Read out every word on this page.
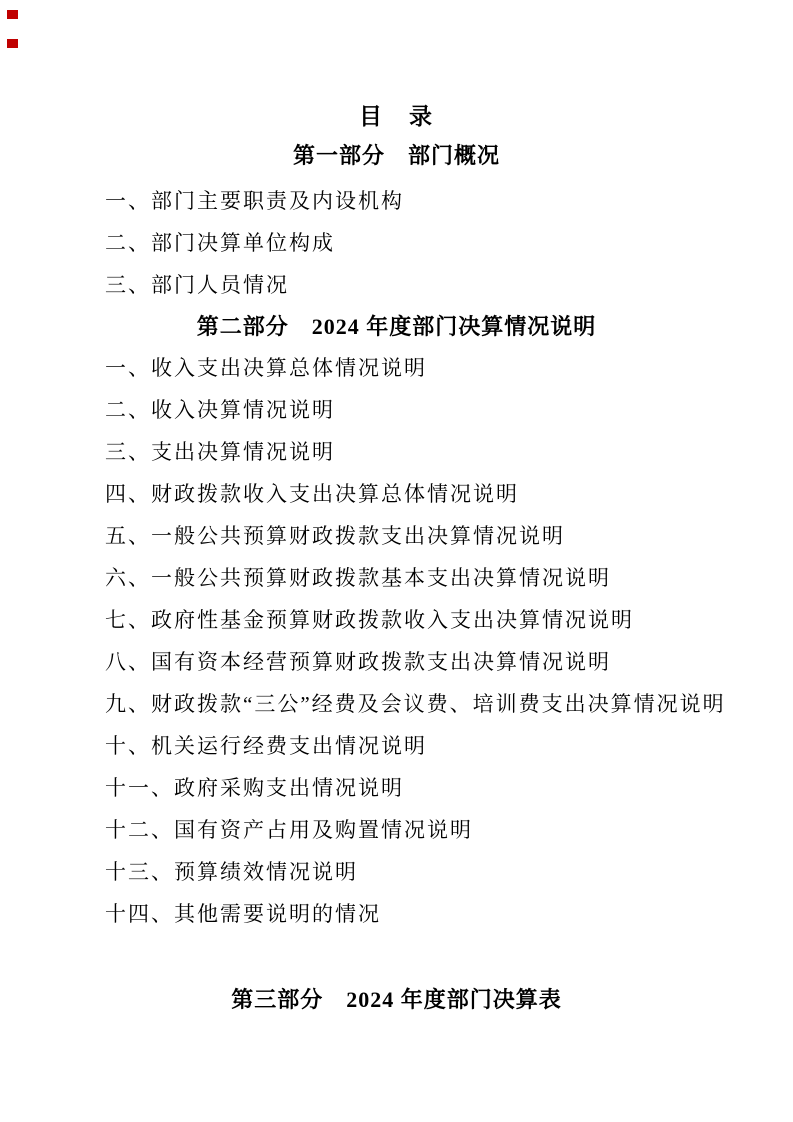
目　录
第一部分　部门概况
一、部门主要职责及内设机构
二、部门决算单位构成
三、部门人员情况
第二部分　2024 年度部门决算情况说明
一、收入支出决算总体情况说明
二、收入决算情况说明
三、支出决算情况说明
四、财政拨款收入支出决算总体情况说明
五、一般公共预算财政拨款支出决算情况说明
六、一般公共预算财政拨款基本支出决算情况说明
七、政府性基金预算财政拨款收入支出决算情况说明
八、国有资本经营预算财政拨款支出决算情况说明
九、财政拨款“三公”经费及会议费、培训费支出决算情况说明
十、机关运行经费支出情况说明
十一、政府采购支出情况说明
十二、国有资产占用及购置情况说明
十三、预算绩效情况说明
十四、其他需要说明的情况
第三部分　2024 年度部门决算表
